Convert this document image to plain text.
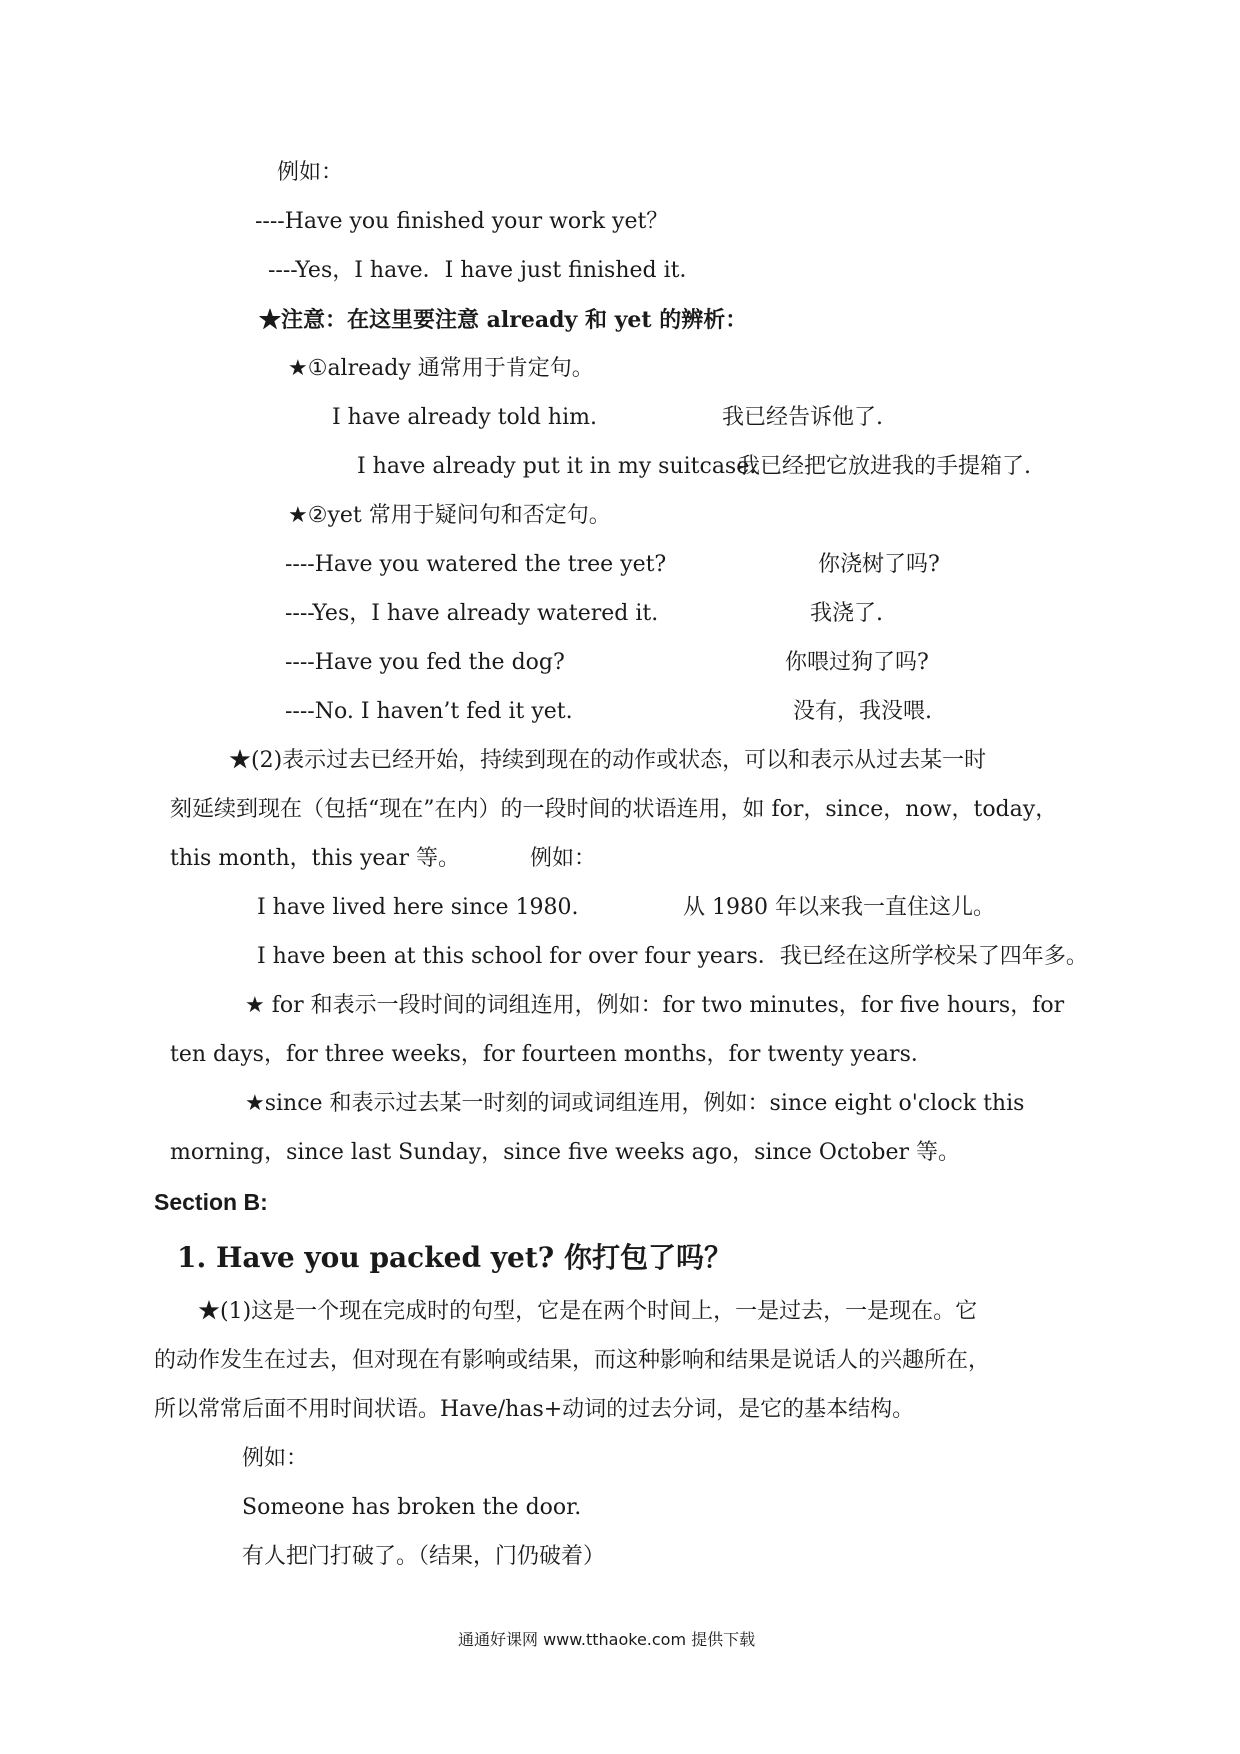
例如：
----Have you finished your work yet？
----Yes，I have．I have just finished it．
★注意：在这里要注意 already 和 yet 的辨析：
★①already 通常用于肯定句。
I have already told him.	我已经告诉他了.
I have already put it in my suitcase.
我已经把它放进我的手提箱了.
★②yet 常用于疑问句和否定句。
----Have you watered the tree yet?	你浇树了吗?
----Yes，I have already watered it.	我浇了.
----Have you fed the dog?	你喂过狗了吗?
----No. I haven’t fed it yet.	没有，我没喂.
★(2)表示过去已经开始，持续到现在的动作或状态，可以和表示从过去某一时
刻延续到现在（包括“现在”在内）的一段时间的状语连用，如 for，since，now，today，
this month，this year 等。	例如：
I have lived here since 1980.	从 1980 年以来我一直住这儿。
I have been at this school for over four years．我已经在这所学校呆了四年多。
★ for 和表示一段时间的词组连用，例如：for two minutes，for five hours，for
ten days，for three weeks，for fourteen months，for twenty years．
★since 和表示过去某一时刻的词或词组连用，例如：since eight o'clock this
morning，since last Sunday，since five weeks ago，since October 等。
Section B:
1. Have you packed yet? 你打包了吗？
★(1)这是一个现在完成时的句型，它是在两个时间上，一是过去，一是现在。它
的动作发生在过去，但对现在有影响或结果，而这种影响和结果是说话人的兴趣所在，
所以常常后面不用时间状语。Have/has+动词的过去分词，是它的基本结构。
例如：
Someone has broken the door.
有人把门打破了。（结果，门仍破着）
通通好课网 www.tthaoke.com 提供下载
